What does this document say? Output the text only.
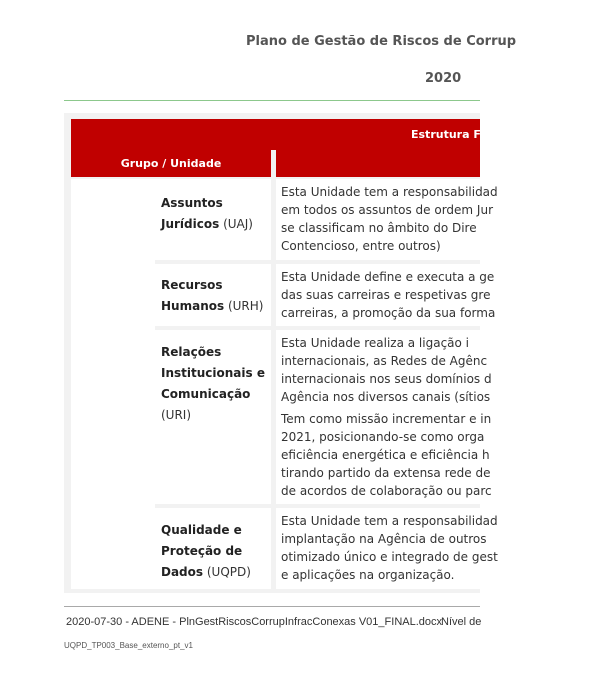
Plano de Gestão de Riscos de Corrup
2020
Estrutura Fu
Grupo / Unidade
Assuntos
Jurídicos (UAJ)

Esta Unidade tem a responsabilidad

em todos os assuntos de ordem Jur

se classificam no âmbito do Dire

Contencioso, entre outros)

Recursos
Humanos (URH)

Esta Unidade define e executa a ge

das suas carreiras e respetivas gre

carreiras, a promoção da sua forma

Relações
Institucionais e
Comunicação
(URI)

Esta Unidade realiza a ligação i

internacionais, as Redes de Agênc

internacionais nos seus domínios d

Agência nos diversos canais (sítios

Tem como missão incrementar e in

2021, posicionando-se como orga

eficiência energética e eficiência h

tirando partido da extensa rede de

de acordos de colaboração ou parc

Qualidade e
Proteção de
Dados (UQPD)

Esta Unidade tem a responsabilidad

implantação na Agência de outros

otimizado único e integrado de gest

e aplicações na organização.

2020-07-30 - ADENE - PlnGestRiscosCorrupInfracConexas V01_FINAL.docx
Nível de
UQPD_TP003_Base_externo_pt_v1
